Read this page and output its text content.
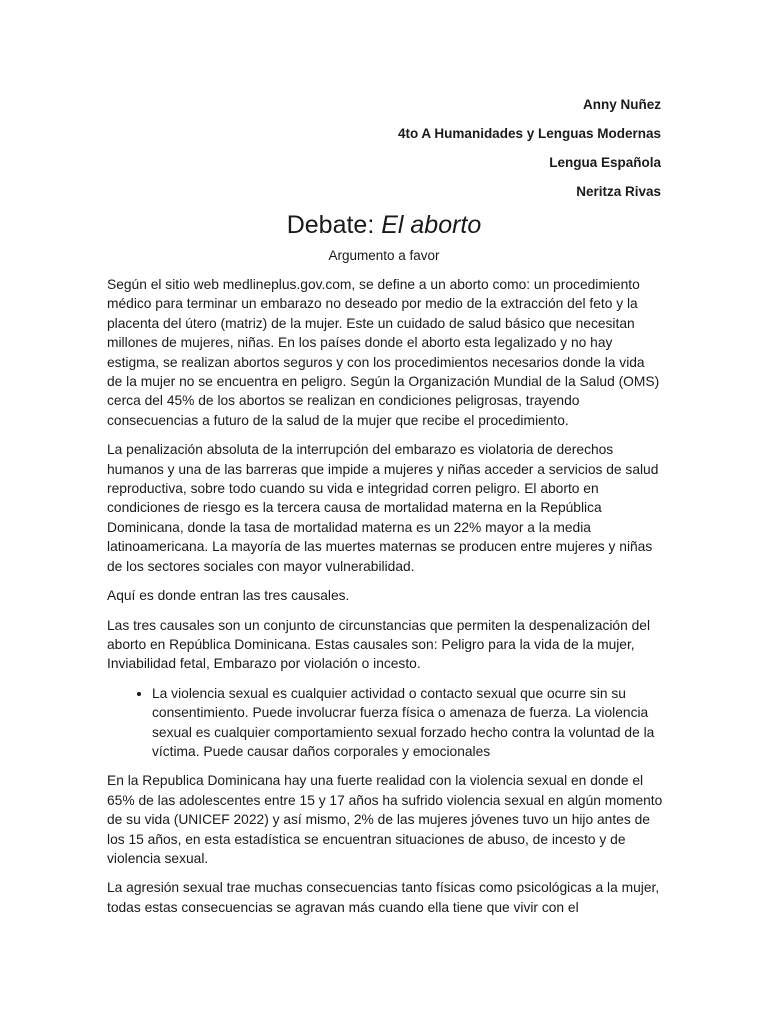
Anny Nuñez
4to A Humanidades y Lenguas Modernas
Lengua Española
Neritza Rivas
Debate: El aborto
Argumento a favor

Según el sitio web medlineplus.gov.com, se define a un aborto como: un procedimiento médico para terminar un embarazo no deseado por medio de la extracción del feto y la placenta del útero (matriz) de la mujer. Este un cuidado de salud básico que necesitan millones de mujeres, niñas. En los países donde el aborto esta legalizado y no hay estigma, se realizan abortos seguros y con los procedimientos necesarios donde la vida de la mujer no se encuentra en peligro. Según la Organización Mundial de la Salud (OMS) cerca del 45% de los abortos se realizan en condiciones peligrosas, trayendo consecuencias a futuro de la salud de la mujer que recibe el procedimiento.

La penalización absoluta de la interrupción del embarazo es violatoria de derechos humanos y una de las barreras que impide a mujeres y niñas acceder a servicios de salud reproductiva, sobre todo cuando su vida e integridad corren peligro. El aborto en condiciones de riesgo es la tercera causa de mortalidad materna en la República Dominicana, donde la tasa de mortalidad materna es un 22% mayor a la media latinoamericana. La mayoría de las muertes maternas se producen entre mujeres y niñas de los sectores sociales con mayor vulnerabilidad.

Aquí es donde entran las tres causales.

Las tres causales son un conjunto de circunstancias que permiten la despenalización del aborto en República Dominicana. Estas causales son: Peligro para la vida de la mujer, Inviabilidad fetal, Embarazo por violación o incesto.

• La violencia sexual es cualquier actividad o contacto sexual que ocurre sin su consentimiento. Puede involucrar fuerza física o amenaza de fuerza. La violencia sexual es cualquier comportamiento sexual forzado hecho contra la voluntad de la víctima. Puede causar daños corporales y emocionales

En la Republica Dominicana hay una fuerte realidad con la violencia sexual en donde el 65% de las adolescentes entre 15 y 17 años ha sufrido violencia sexual en algún momento de su vida (UNICEF 2022) y así mismo, 2% de las mujeres jóvenes tuvo un hijo antes de los 15 años, en esta estadística se encuentran situaciones de abuso, de incesto y de violencia sexual.

La agresión sexual trae muchas consecuencias tanto físicas como psicológicas a la mujer, todas estas consecuencias se agravan más cuando ella tiene que vivir con el
